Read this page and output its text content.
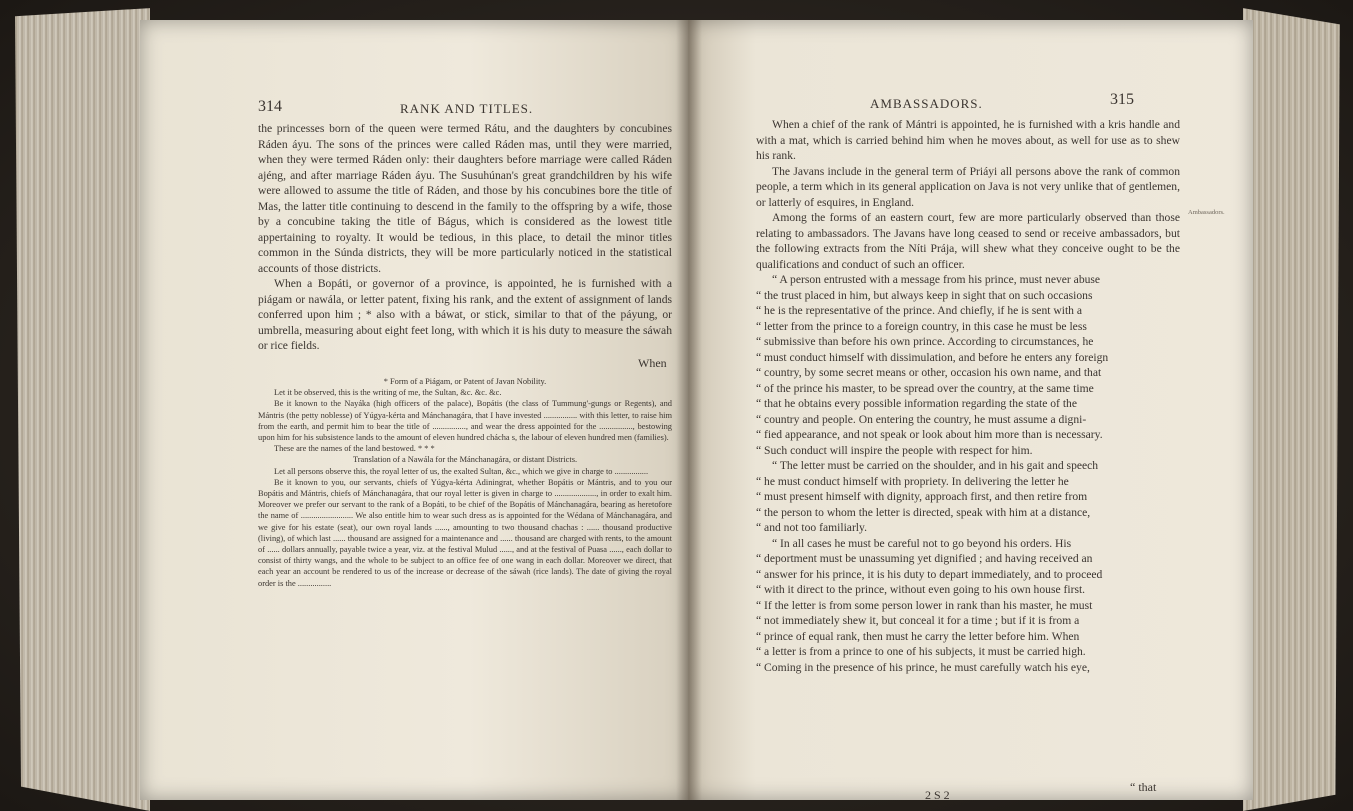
314	RANK AND TITLES.

the princesses born of the queen were termed Rátu, and the daughters by concubines Ráden áyu. The sons of the princes were called Ráden mas, until they were married, when they were termed Ráden only: their daughters before marriage were called Ráden ajéng, and after marriage Ráden áyu. The Susuhúnan's great grandchildren by his wife were allowed to assume the title of Ráden, and those by his concubines bore the title of Mas, the latter title continuing to descend in the family to the offspring by a wife, those by a concubine taking the title of Bágus, which is considered as the lowest title appertaining to royalty. It would be tedious, in this place, to detail the minor titles common in the Súnda districts, they will be more particularly noticed in the statistical accounts of those districts.

When a Bopáti, or governor of a province, is appointed, he is furnished with a piágam or nawála, or letter patent, fixing his rank, and the extent of assignment of lands conferred upon him ; * also with a báwat, or stick, similar to that of the páyung, or umbrella, measuring about eight feet long, with which it is his duty to measure the sáwah or rice fields.

When

* Form of a Piágam, or Patent of Javan Nobility.

Let it be observed, this is the writing of me, the Sultan, &c. &c. &c.

Be it known to the Nayáka (high officers of the palace), Bopátis (the class of Tummung'-gungs or Regents), and Mántris (the petty noblesse) of Yúgya-kérta and Mánchanagára, that I have invested ................ with this letter, to raise him from the earth, and permit him to bear the title of ................, and wear the dress appointed for the ................, bestowing upon him for his subsistence lands to the amount of eleven hundred chácha s, the labour of eleven hundred men (families).

These are the names of the land bestowed. * * *

Translation of a Nawála for the Mánchanagára, or distant Districts.

Let all persons observe this, the royal letter of us, the exalted Sultan, &c., which we give in charge to ................

Be it known to you, our servants, chiefs of Yúgya-kérta Adiningrat, whether Bopátis or Mántris, and to you our Bopátis and Mántris, chiefs of Mánchanagára, that our royal letter is given in charge to ...................., in order to exalt him. Moreover we prefer our servant to the rank of a Bopáti, to be chief of the Bopátis of Mánchanagára, bearing as heretofore the name of ......................... We also entitle him to wear such dress as is appointed for the Wédana of Mánchanagára, and we give for his estate (seat), our own royal lands ......, amounting to two thousand chachas : ...... thousand productive (living), of which last ...... thousand are assigned for a maintenance and ...... thousand are charged with rents, to the amount of ...... dollars annually, payable twice a year, viz. at the festival Mulud ......, and at the festival of Puasa ......, each dollar to consist of thirty wangs, and the whole to be subject to an office fee of one wang in each dollar. Moreover we direct, that each year an account be rendered to us of the increase or decrease of the sáwah (rice lands). The date of giving the royal order is the ................

AMBASSADORS.	315
Ambassadors.

When a chief of the rank of Mántri is appointed, he is furnished with a kris handle and with a mat, which is carried behind him when he moves about, as well for use as to shew his rank.

The Javans include in the general term of Priáyi all persons above the rank of common people, a term which in its general application on Java is not very unlike that of gentlemen, or latterly of esquires, in England.

Among the forms of an eastern court, few are more particularly observed than those relating to ambassadors. The Javans have long ceased to send or receive ambassadors, but the following extracts from the Níti Prája, will shew what they conceive ought to be the qualifications and conduct of such an officer.

“ A person entrusted with a message from his prince, must never abuse
“ the trust placed in him, but always keep in sight that on such occasions
“ he is the representative of the prince. And chiefly, if he is sent with a
“ letter from the prince to a foreign country, in this case he must be less
“ submissive than before his own prince. According to circumstances, he
“ must conduct himself with dissimulation, and before he enters any foreign
“ country, by some secret means or other, occasion his own name, and that
“ of the prince his master, to be spread over the country, at the same time
“ that he obtains every possible information regarding the state of the
“ country and people. On entering the country, he must assume a digni-
“ fied appearance, and not speak or look about him more than is necessary.
“ Such conduct will inspire the people with respect for him.
“ The letter must be carried on the shoulder, and in his gait and speech
“ he must conduct himself with propriety. In delivering the letter he
“ must present himself with dignity, approach first, and then retire from
“ the person to whom the letter is directed, speak with him at a distance,
“ and not too familiarly.
“ In all cases he must be careful not to go beyond his orders. His
“ deportment must be unassuming yet dignified ; and having received an
“ answer for his prince, it is his duty to depart immediately, and to proceed
“ with it direct to the prince, without even going to his own house first.
“ If the letter is from some person lower in rank than his master, he must
“ not immediately shew it, but conceal it for a time ; but if it is from a
“ prince of equal rank, then must he carry the letter before him. When
“ a letter is from a prince to one of his subjects, it must be carried high.
“ Coming in the presence of his prince, he must carefully watch his eye,
2 S 2
“ that
